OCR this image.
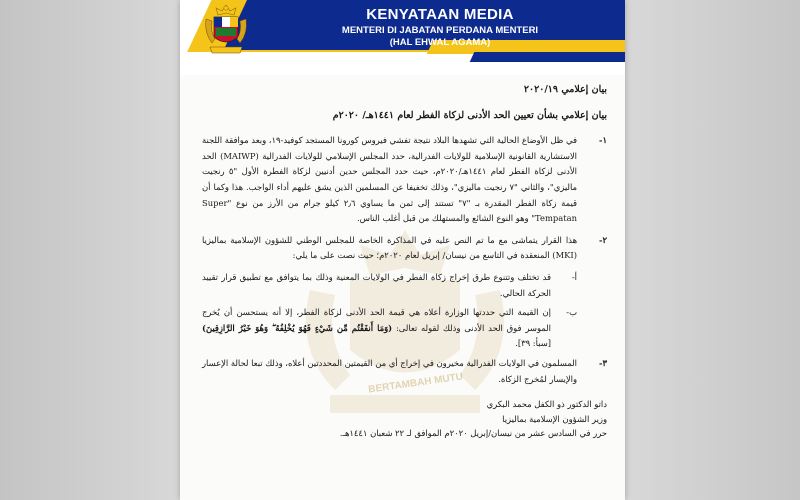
KENYATAAN MEDIA
MENTERI DI JABATAN PERDANA MENTERI
(HAL EHWAL AGAMA)
BERTAMBAH MUTU
بيان إعلامي ٢٠٢٠/١٩
بيان إعلامي بشأن تعيين الحد الأدنى لزكاة الفطر لعام ١٤٤١هـ/ ٢٠٢٠م
١-
في ظل الأوضاع الحالية التي تشهدها البلاد نتيجة تفشي فيروس كورونا المستجد كوفيد-١٩، وبعد موافقة اللجنة الاستشارية القانونية الإسلامية للولايات الفدرالية، حدد المجلس الإسلامي للولايات الفدرالية (MAIWP) الحد الأدنى لزكاة الفطر لعام ١٤٤١هـ/٢٠٢٠م، حيث حدد المجلس حدين أدنيين لزكاة الفطرة الأول "٥ رنجيت ماليزي"، والثاني "٧ رنجيت ماليزي"، وذلك تخفيفا عن المسلمين الذين يشق عليهم أداء الواجب. هذا وكما أن قيمة زكاة الفطر المقدرة بـ "٧" تستند إلى ثمن ما يساوي ٢٫٦ كيلو جرام من الأرز من نوع "Super Tempatan" وهو النوع الشائع والمستهلك من قبل أغلب الناس.
٢-
هذا القرار يتماشى مع ما تم النص عليه في المذاكرة الخاصة للمجلس الوطني للشؤون الإسلامية بماليزيا (MKI) المنعقدة في التاسع من نيسان/ إبريل لعام ٢٠٢٠م؛ حيث نصت على ما يلي:
أ-
قد تختلف وتتنوع طرق إخراج زكاة الفطر في الولايات المعنية وذلك بما يتوافق مع تطبيق قرار تقييد الحركة الحالي.
ب-
إن القيمة التي حددتها الوزارة أعلاه هي قيمة الحد الأدنى لزكاة الفطر، إلا أنه يستحسن أن يُخرج الموسر فوق الحد الأدنى وذلك لقوله تعالى: (وَمَا أَنفَقْتُم مِّن شَيْءٍ فَهُوَ يُخْلِفُهُ ۖ وَهُوَ خَيْرُ الرَّازِقِينَ) [سبأ: ٣٩].
٣-
المسلمون في الولايات الفدرالية مخيرون في إخراج أي من القيمتين المحددتين أعلاه، وذلك تبعا لحالة الإعسار والإيسار لمُخرج الزكاة.
داتو الدكتور ذو الكفل محمد البكري
وزير الشؤون الإسلامية بماليزيا
حرر في السادس عشر من نيسان/إبريل ٢٠٢٠م الموافق لـ ٢٢ شعبان ١٤٤١هـ.
